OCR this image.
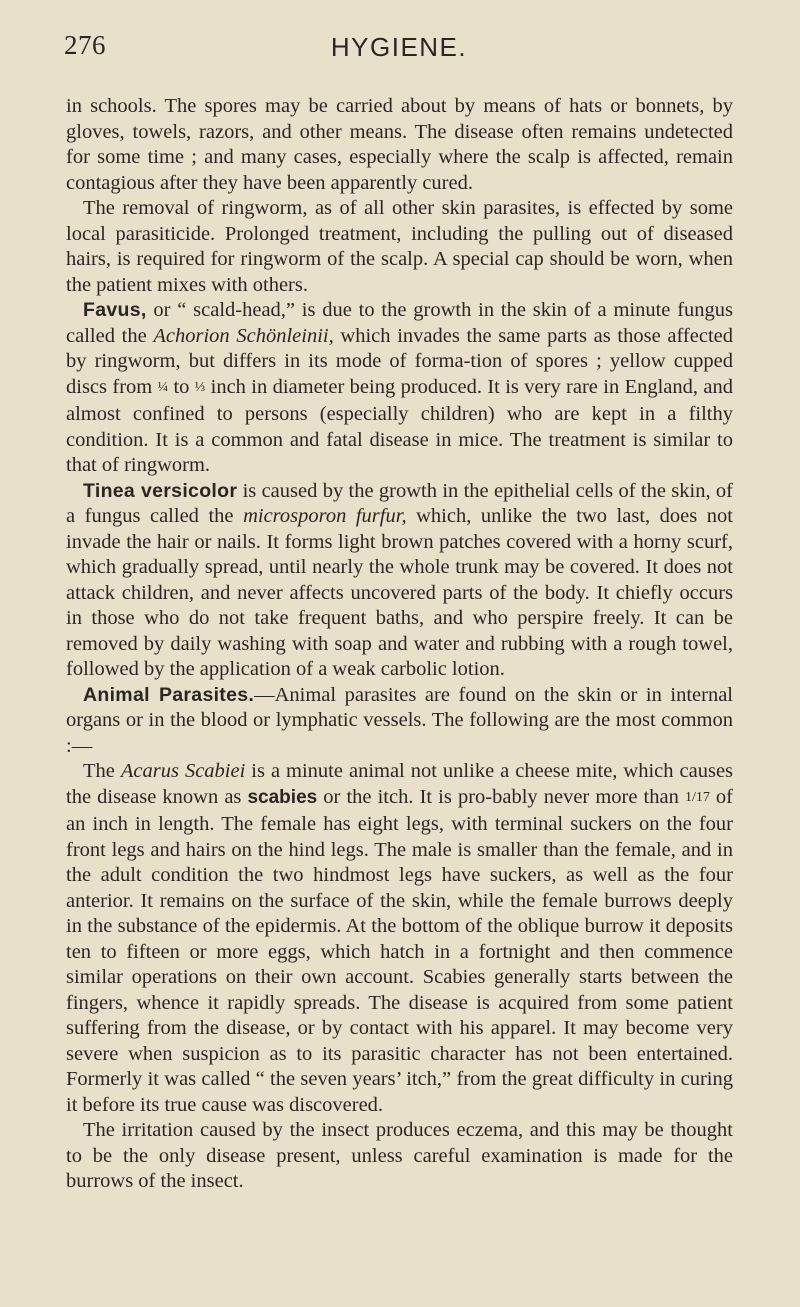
276	HYGIENE.

in schools. The spores may be carried about by means of hats or bonnets, by gloves, towels, razors, and other means. The disease often remains undetected for some time ; and many cases, especially where the scalp is affected, remain contagious after they have been apparently cured.

The removal of ringworm, as of all other skin parasites, is effected by some local parasiticide. Prolonged treatment, including the pulling out of diseased hairs, is required for ringworm of the scalp. A special cap should be worn, when the patient mixes with others.

Favus, or “ scald-head,” is due to the growth in the skin of a minute fungus called the Achorion Schönleinii, which invades the same parts as those affected by ringworm, but differs in its mode of forma-tion of spores ; yellow cupped discs from ¼ to ⅓ inch in diameter being produced. It is very rare in England, and almost confined to persons (especially children) who are kept in a filthy condition. It is a common and fatal disease in mice. The treatment is similar to that of ringworm.

Tinea versicolor is caused by the growth in the epithelial cells of the skin, of a fungus called the microsporon furfur, which, unlike the two last, does not invade the hair or nails. It forms light brown patches covered with a horny scurf, which gradually spread, until nearly the whole trunk may be covered. It does not attack children, and never affects uncovered parts of the body. It chiefly occurs in those who do not take frequent baths, and who perspire freely. It can be removed by daily washing with soap and water and rubbing with a rough towel, followed by the application of a weak carbolic lotion.

Animal Parasites.—Animal parasites are found on the skin or in internal organs or in the blood or lymphatic vessels. The following are the most common :—

The Acarus Scabiei is a minute animal not unlike a cheese mite, which causes the disease known as scabies or the itch. It is pro-bably never more than 1/17 of an inch in length. The female has eight legs, with terminal suckers on the four front legs and hairs on the hind legs. The male is smaller than the female, and in the adult condition the two hindmost legs have suckers, as well as the four anterior. It remains on the surface of the skin, while the female burrows deeply in the substance of the epidermis. At the bottom of the oblique burrow it deposits ten to fifteen or more eggs, which hatch in a fortnight and then commence similar operations on their own account. Scabies generally starts between the fingers, whence it rapidly spreads. The disease is acquired from some patient suffering from the disease, or by contact with his apparel. It may become very severe when suspicion as to its parasitic character has not been entertained. Formerly it was called “ the seven years’ itch,” from the great difficulty in curing it before its true cause was discovered.

The irritation caused by the insect produces eczema, and this may be thought to be the only disease present, unless careful examination is made for the burrows of the insect.
